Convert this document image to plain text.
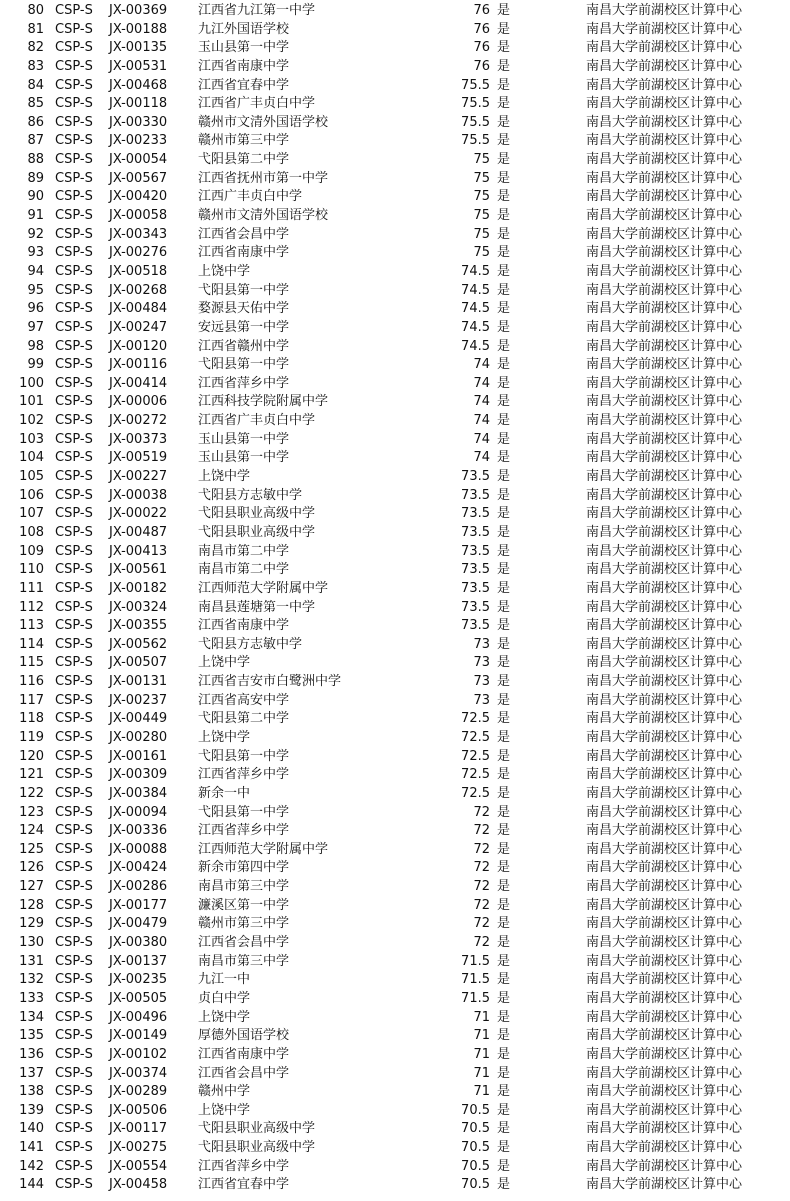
80 CSP-S JX-00369 江西省九江第一中学	76 是	南昌大学前湖校区计算中心
81 CSP-S JX-00188 九江外国语学校	76 是	南昌大学前湖校区计算中心
82 CSP-S JX-00135 玉山县第一中学	76 是	南昌大学前湖校区计算中心
83 CSP-S JX-00531 江西省南康中学	76 是	南昌大学前湖校区计算中心
84 CSP-S JX-00468 江西省宜春中学	75.5 是	南昌大学前湖校区计算中心
85 CSP-S JX-00118 江西省广丰贞白中学	75.5 是	南昌大学前湖校区计算中心
86 CSP-S JX-00330 赣州市文清外国语学校	75.5 是	南昌大学前湖校区计算中心
87 CSP-S JX-00233 赣州市第三中学	75.5 是	南昌大学前湖校区计算中心
88 CSP-S JX-00054 弋阳县第二中学	75 是	南昌大学前湖校区计算中心
89 CSP-S JX-00567 江西省抚州市第一中学	75 是	南昌大学前湖校区计算中心
90 CSP-S JX-00420 江西广丰贞白中学	75 是	南昌大学前湖校区计算中心
91 CSP-S JX-00058 赣州市文清外国语学校	75 是	南昌大学前湖校区计算中心
92 CSP-S JX-00343 江西省会昌中学	75 是	南昌大学前湖校区计算中心
93 CSP-S JX-00276 江西省南康中学	75 是	南昌大学前湖校区计算中心
94 CSP-S JX-00518 上饶中学	74.5 是	南昌大学前湖校区计算中心
95 CSP-S JX-00268 弋阳县第一中学	74.5 是	南昌大学前湖校区计算中心
96 CSP-S JX-00484 婺源县天佑中学	74.5 是	南昌大学前湖校区计算中心
97 CSP-S JX-00247 安远县第一中学	74.5 是	南昌大学前湖校区计算中心
98 CSP-S JX-00120 江西省赣州中学	74.5 是	南昌大学前湖校区计算中心
99 CSP-S JX-00116 弋阳县第一中学	74 是	南昌大学前湖校区计算中心
100 CSP-S JX-00414 江西省萍乡中学	74 是	南昌大学前湖校区计算中心
101 CSP-S JX-00006 江西科技学院附属中学	74 是	南昌大学前湖校区计算中心
102 CSP-S JX-00272 江西省广丰贞白中学	74 是	南昌大学前湖校区计算中心
103 CSP-S JX-00373 玉山县第一中学	74 是	南昌大学前湖校区计算中心
104 CSP-S JX-00519 玉山县第一中学	74 是	南昌大学前湖校区计算中心
105 CSP-S JX-00227 上饶中学	73.5 是	南昌大学前湖校区计算中心
106 CSP-S JX-00038 弋阳县方志敏中学	73.5 是	南昌大学前湖校区计算中心
107 CSP-S JX-00022 弋阳县职业高级中学	73.5 是	南昌大学前湖校区计算中心
108 CSP-S JX-00487 弋阳县职业高级中学	73.5 是	南昌大学前湖校区计算中心
109 CSP-S JX-00413 南昌市第二中学	73.5 是	南昌大学前湖校区计算中心
110 CSP-S JX-00561 南昌市第二中学	73.5 是	南昌大学前湖校区计算中心
111 CSP-S JX-00182 江西师范大学附属中学	73.5 是	南昌大学前湖校区计算中心
112 CSP-S JX-00324 南昌县莲塘第一中学	73.5 是	南昌大学前湖校区计算中心
113 CSP-S JX-00355 江西省南康中学	73.5 是	南昌大学前湖校区计算中心
114 CSP-S JX-00562 弋阳县方志敏中学	73 是	南昌大学前湖校区计算中心
115 CSP-S JX-00507 上饶中学	73 是	南昌大学前湖校区计算中心
116 CSP-S JX-00131 江西省吉安市白鹭洲中学	73 是	南昌大学前湖校区计算中心
117 CSP-S JX-00237 江西省高安中学	73 是	南昌大学前湖校区计算中心
118 CSP-S JX-00449 弋阳县第二中学	72.5 是	南昌大学前湖校区计算中心
119 CSP-S JX-00280 上饶中学	72.5 是	南昌大学前湖校区计算中心
120 CSP-S JX-00161 弋阳县第一中学	72.5 是	南昌大学前湖校区计算中心
121 CSP-S JX-00309 江西省萍乡中学	72.5 是	南昌大学前湖校区计算中心
122 CSP-S JX-00384 新余一中	72.5 是	南昌大学前湖校区计算中心
123 CSP-S JX-00094 弋阳县第一中学	72 是	南昌大学前湖校区计算中心
124 CSP-S JX-00336 江西省萍乡中学	72 是	南昌大学前湖校区计算中心
125 CSP-S JX-00088 江西师范大学附属中学	72 是	南昌大学前湖校区计算中心
126 CSP-S JX-00424 新余市第四中学	72 是	南昌大学前湖校区计算中心
127 CSP-S JX-00286 南昌市第三中学	72 是	南昌大学前湖校区计算中心
128 CSP-S JX-00177 濂溪区第一中学	72 是	南昌大学前湖校区计算中心
129 CSP-S JX-00479 赣州市第三中学	72 是	南昌大学前湖校区计算中心
130 CSP-S JX-00380 江西省会昌中学	72 是	南昌大学前湖校区计算中心
131 CSP-S JX-00137 南昌市第三中学	71.5 是	南昌大学前湖校区计算中心
132 CSP-S JX-00235 九江一中	71.5 是	南昌大学前湖校区计算中心
133 CSP-S JX-00505 贞白中学	71.5 是	南昌大学前湖校区计算中心
134 CSP-S JX-00496 上饶中学	71 是	南昌大学前湖校区计算中心
135 CSP-S JX-00149 厚德外国语学校	71 是	南昌大学前湖校区计算中心
136 CSP-S JX-00102 江西省南康中学	71 是	南昌大学前湖校区计算中心
137 CSP-S JX-00374 江西省会昌中学	71 是	南昌大学前湖校区计算中心
138 CSP-S JX-00289 赣州中学	71 是	南昌大学前湖校区计算中心
139 CSP-S JX-00506 上饶中学	70.5 是	南昌大学前湖校区计算中心
140 CSP-S JX-00117 弋阳县职业高级中学	70.5 是	南昌大学前湖校区计算中心
141 CSP-S JX-00275 弋阳县职业高级中学	70.5 是	南昌大学前湖校区计算中心
142 CSP-S JX-00554 江西省萍乡中学	70.5 是	南昌大学前湖校区计算中心
144 CSP-S JX-00458 江西省宜春中学	70.5 是	南昌大学前湖校区计算中心
